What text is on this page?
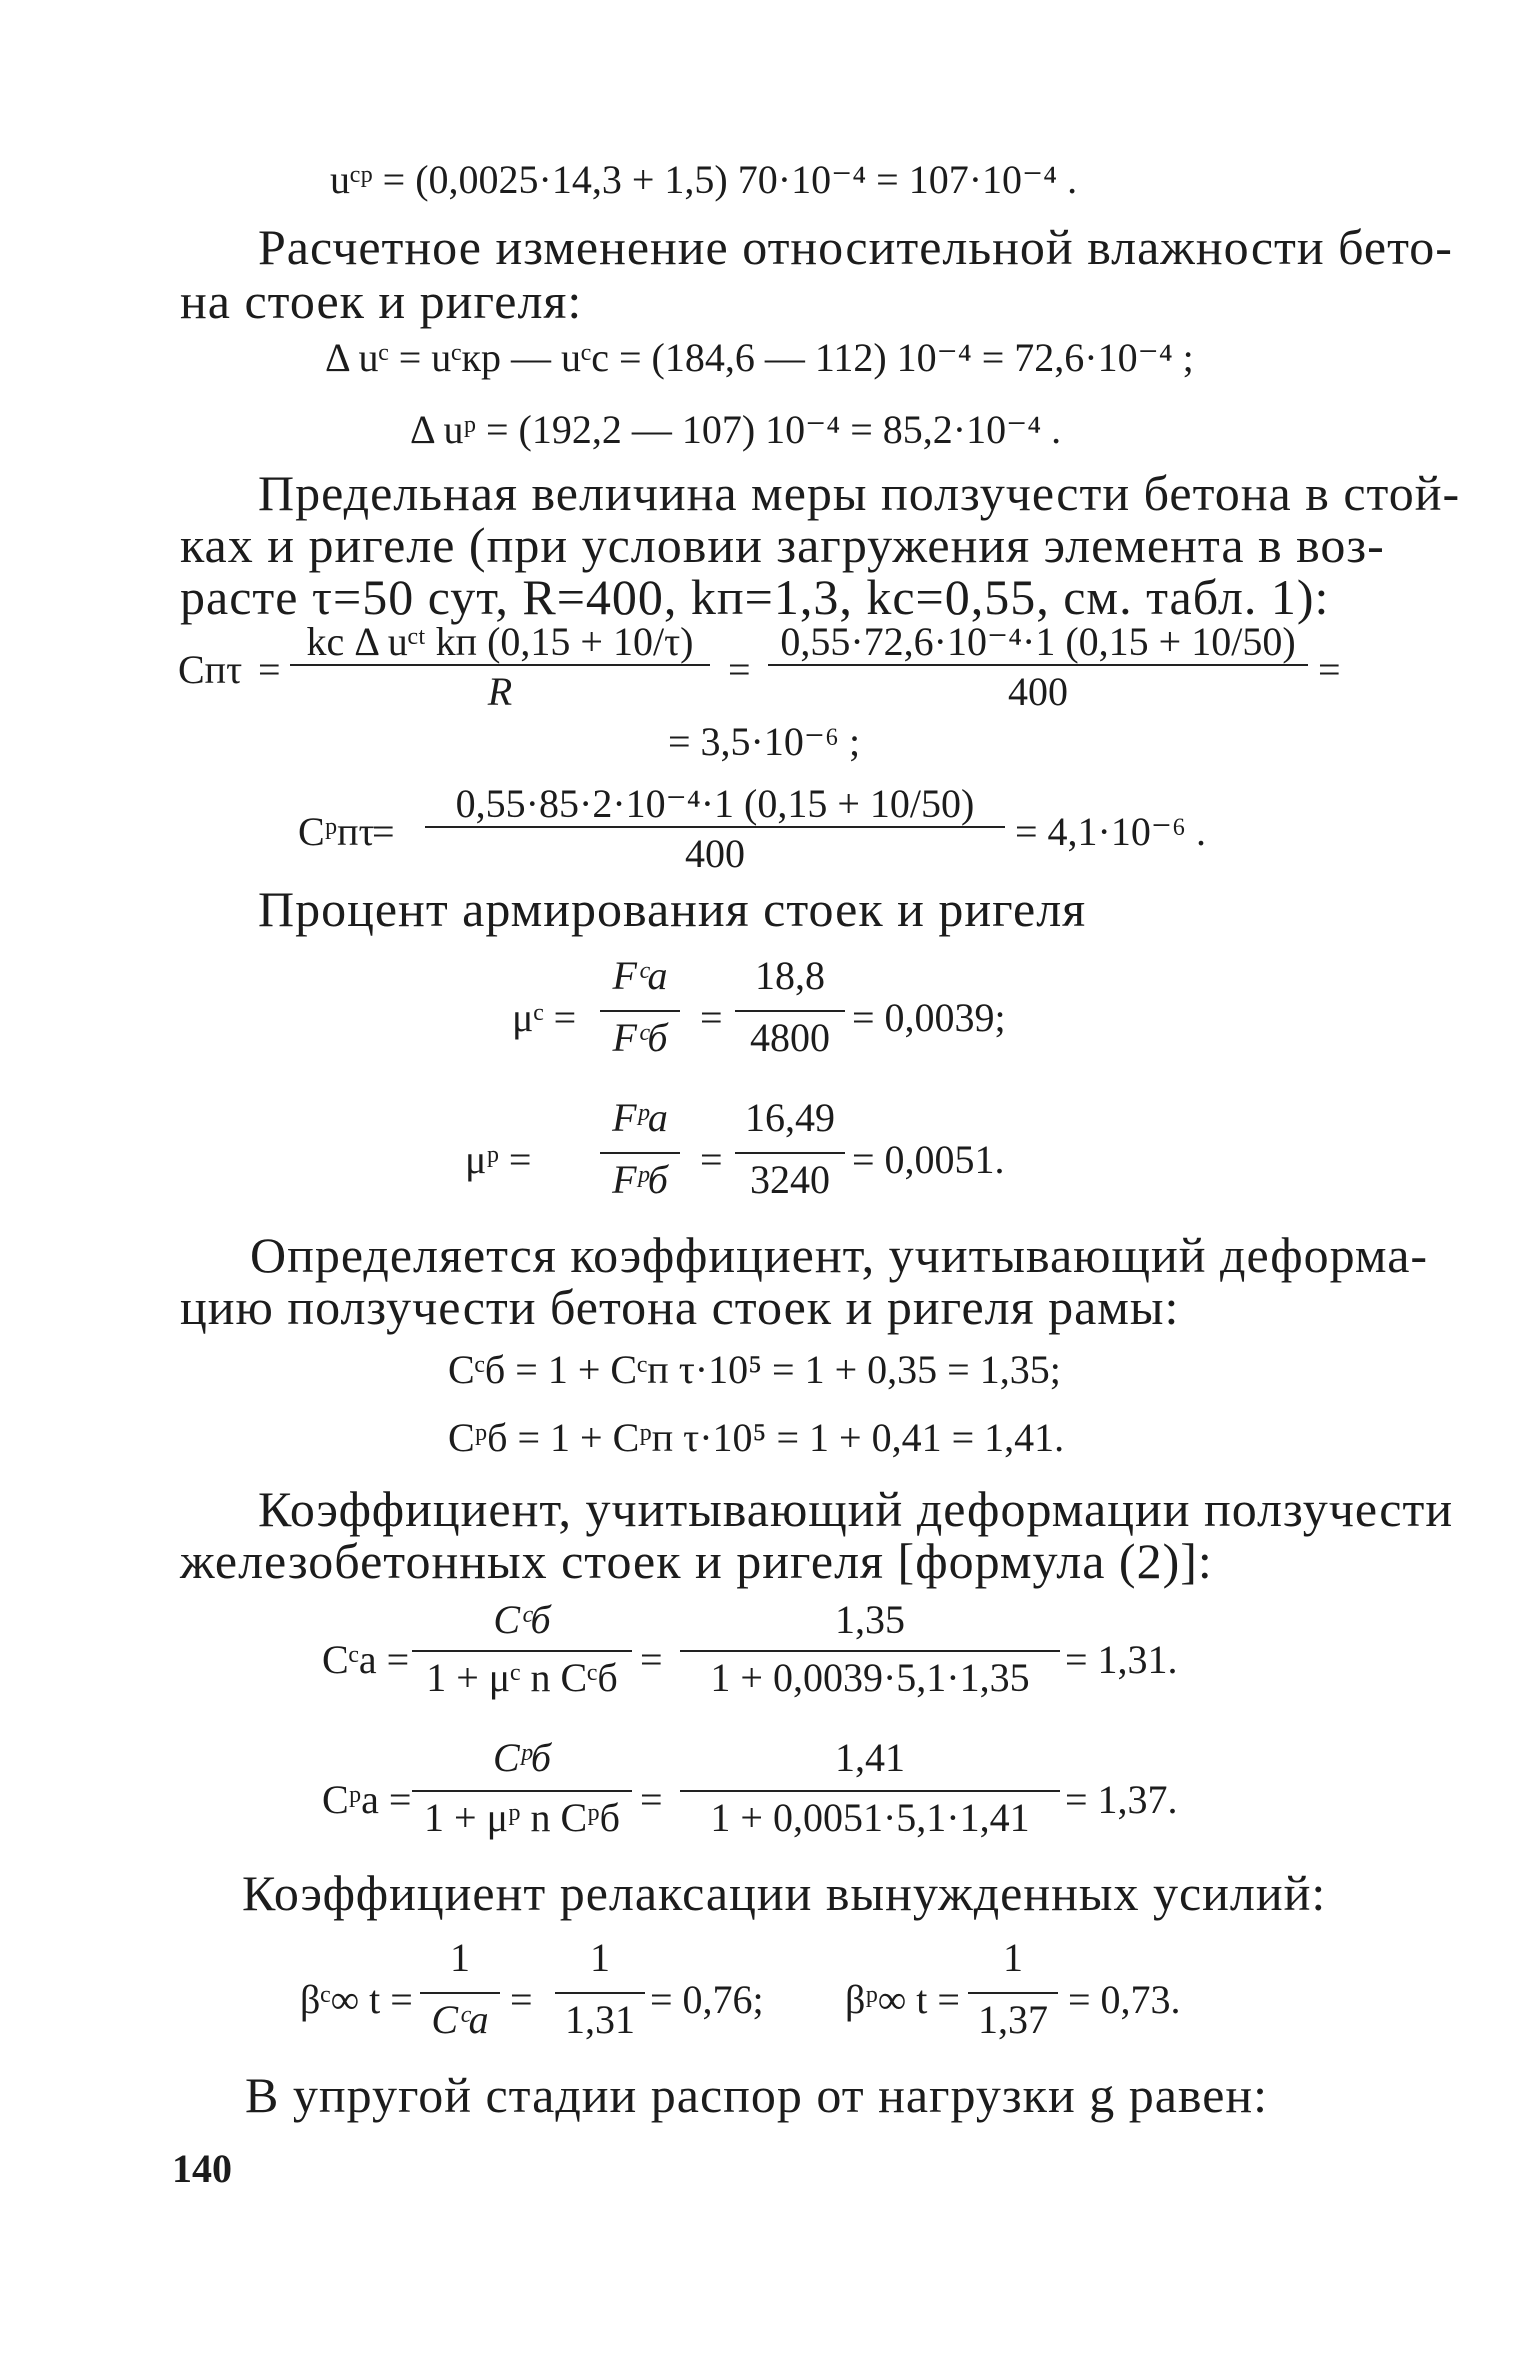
uᶜᵖ = (0,0025·14,3 + 1,5) 70·10⁻⁴ = 107·10⁻⁴ .
Расчетное изменение относительной влажности бето-
на стоек и ригеля:
Δ uᶜ = uᶜкр — uᶜс = (184,6 — 112) 10⁻⁴ = 72,6·10⁻⁴ ;
Δ uᵖ = (192,2 — 107) 10⁻⁴ = 85,2·10⁻⁴ .
Предельная величина меры ползучести бетона в стой-
ках и ригеле (при условии загружения элемента в воз-
расте τ=50 сут, R=400, kп=1,3, kс=0,55, см. табл. 1):
Cпτ =
kс Δ uᶜᵗ kп (0,15 + 10/τ)
R	=
0,55·72,6·10⁻⁴·1 (0,15 + 10/50)
400	=
= 3,5·10⁻⁶ ;
Cᵖпτ
=
0,55·85·2·10⁻⁴·1 (0,15 + 10/50)
400	= 4,1·10⁻⁶ .
Процент армирования стоек и ригеля
μᶜ =
Fᶜа
Fᶜб =
18,8
4800 = 0,0039;
μᵖ =
Fᵖа
Fᵖб =
16,49
3240 = 0,0051.
Определяется коэффициент, учитывающий деформа-
цию ползучести бетона стоек и ригеля рамы:
Cᶜб = 1 + Cᶜп τ·10⁵ = 1 + 0,35 = 1,35;
Cᵖб = 1 + Cᵖп τ·10⁵ = 1 + 0,41 = 1,41.
Коэффициент, учитывающий деформации ползучести
железобетонных стоек и ригеля [формула (2)]:
Cᶜа =
Cᶜб
1 + μᶜ n Cᶜб =
1,35
1 + 0,0039·5,1·1,35 = 1,31.
Cᵖа =
Cᵖб
1 + μᵖ n Cᵖб =
1,41
1 + 0,0051·5,1·1,41 = 1,37.
Коэффициент релаксации вынужденных усилий:
βᶜ∞ t =
1
Cᶜа =
1
1,31 = 0,76; βᵖ∞ t =
1
1,37 = 0,73.
В упругой стадии распор от нагрузки g равен:
140
